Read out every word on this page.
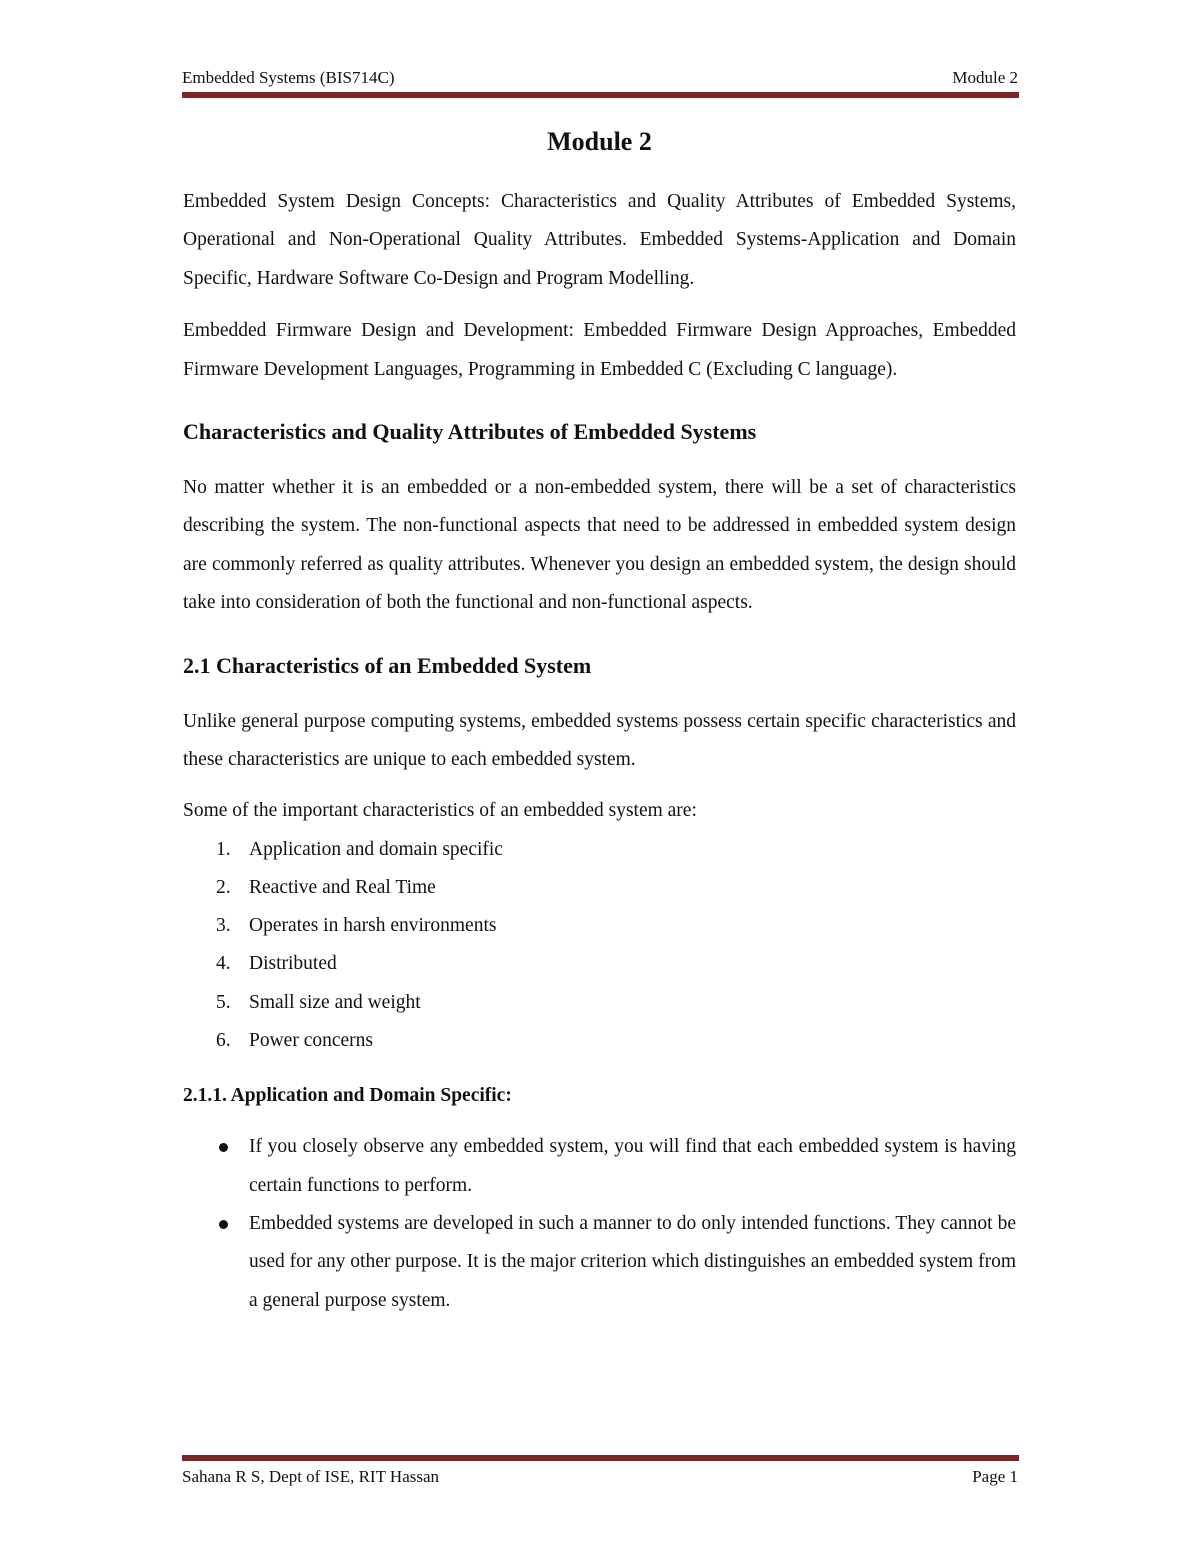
Embedded Systems (BIS714C)	Module 2
Module 2

Embedded System Design Concepts: Characteristics and Quality Attributes of Embedded Systems, Operational and Non-Operational Quality Attributes. Embedded Systems-Application and Domain Specific, Hardware Software Co-Design and Program Modelling.

Embedded Firmware Design and Development: Embedded Firmware Design Approaches, Embedded Firmware Development Languages, Programming in Embedded C (Excluding C language).

Characteristics and Quality Attributes of Embedded Systems

No matter whether it is an embedded or a non-embedded system, there will be a set of characteristics describing the system. The non-functional aspects that need to be addressed in embedded system design are commonly referred as quality attributes. Whenever you design an embedded system, the design should take into consideration of both the functional and non-functional aspects.

2.1 Characteristics of an Embedded System

Unlike general purpose computing systems, embedded systems possess certain specific characteristics and these characteristics are unique to each embedded system.

Some of the important characteristics of an embedded system are:

1. Application and domain specific
2. Reactive and Real Time
3. Operates in harsh environments
4. Distributed
5. Small size and weight
6. Power concerns
2.1.1. Application and Domain Specific:
If you closely observe any embedded system, you will find that each embedded system is having certain functions to perform.
Embedded systems are developed in such a manner to do only intended functions. They cannot be used for any other purpose. It is the major criterion which distinguishes an embedded system from a general purpose system.
Sahana R S, Dept of ISE, RIT Hassan	Page 1
